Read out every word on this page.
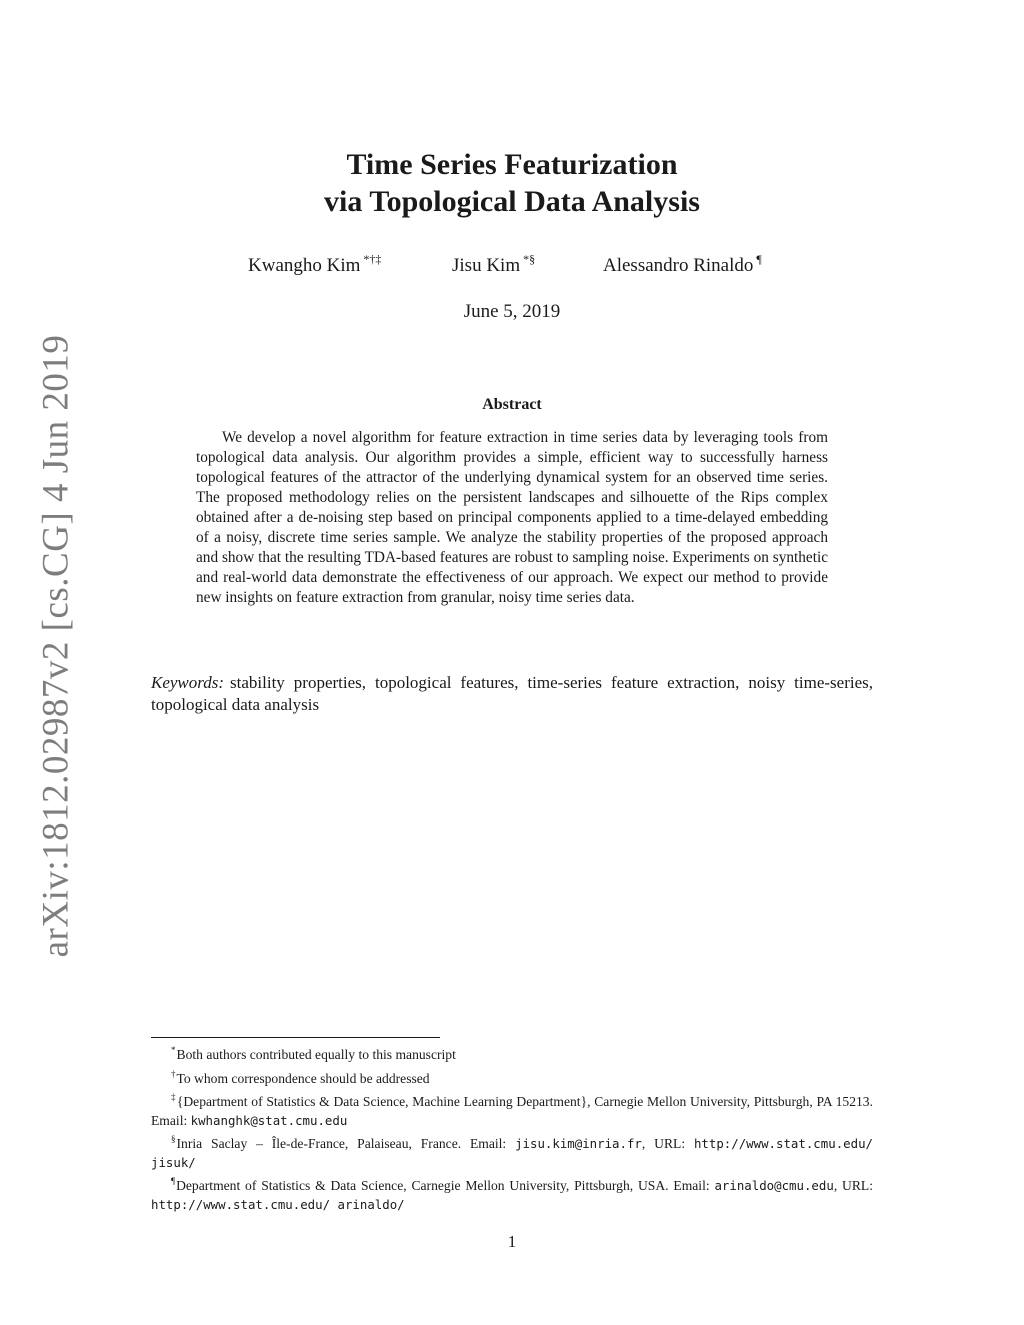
arXiv:1812.02987v2 [cs.CG] 4 Jun 2019
Time Series Featurization
via Topological Data Analysis
Kwangho Kim *†‡	Jisu Kim *§	Alessandro Rinaldo ¶
June 5, 2019
Abstract

We develop a novel algorithm for feature extraction in time series data by leveraging tools from topological data analysis. Our algorithm provides a simple, efficient way to successfully harness topological features of the attractor of the underlying dynamical system for an observed time series. The proposed methodology relies on the persistent landscapes and silhouette of the Rips complex obtained after a de-noising step based on principal components applied to a time-delayed embedding of a noisy, discrete time series sample. We analyze the stability properties of the proposed approach and show that the resulting TDA-based features are robust to sampling noise. Experiments on synthetic and real-world data demonstrate the effectiveness of our approach. We expect our method to provide new insights on feature extraction from granular, noisy time series data.

Keywords: stability properties, topological features, time-series feature extraction, noisy time-series, topological data analysis

*Both authors contributed equally to this manuscript

†To whom correspondence should be addressed

‡{Department of Statistics & Data Science, Machine Learning Department}, Carnegie Mellon University, Pittsburgh, PA 15213. Email: kwhanghk@stat.cmu.edu

§Inria Saclay – Île-de-France, Palaiseau, France. Email: jisu.kim@inria.fr, URL: http://www.stat.cmu.edu/ jisuk/

¶Department of Statistics & Data Science, Carnegie Mellon University, Pittsburgh, USA. Email: arinaldo@cmu.edu, URL: http://www.stat.cmu.edu/ arinaldo/

1
